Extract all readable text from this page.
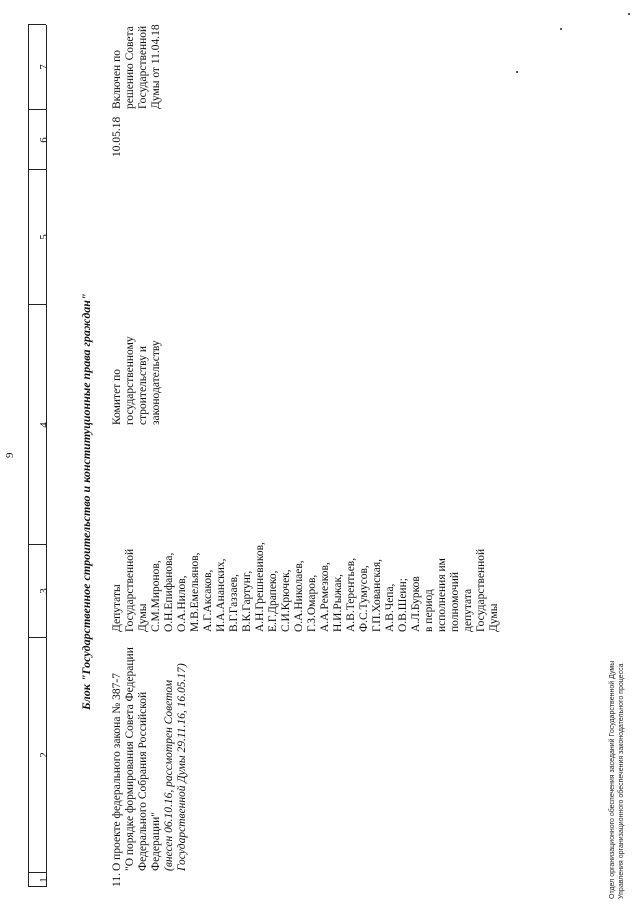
9
1
2
3
4
5
6
7
Блок "Государственное строительство и конституционные права граждан"
11.
О проекте федерального закона № 387-7 "О порядке формирования Совета Федерации Федерального Собрания Российской Федерации" (внесен 06.10.16, рассмотрен Советом Государственной Думы 29.11.16, 16.05.17)
Депутаты Государственной Думы С.М.Миронов, О.Н.Епифанова, О.А.Нилов, М.В.Емельянов, А.Г.Аксаков, И.А.Ананских, В.Г.Газзаев, В.К.Гартунг, А.Н.Грешневиков, Е.Г.Драпеко, С.И.Крючек, О.А.Николаев, Г.З.Омаров, А.А.Ремезков, Н.И.Рыжак, А.В.Терентьев, Ф.С.Тумусов, Г.П.Хованская, А.В.Чепа, О.В.Шеин; А.Л.Бурков в период исполнения им полномочий депутата Государственной Думы
Комитет по государственному строительству и законодательству
10.05.18
Включен по решению Совета Государственной Думы от 11.04.18
Отдел организационного обеспечения заседаний Государственной Думы Управления организационного обеспечения законодательного процесса
